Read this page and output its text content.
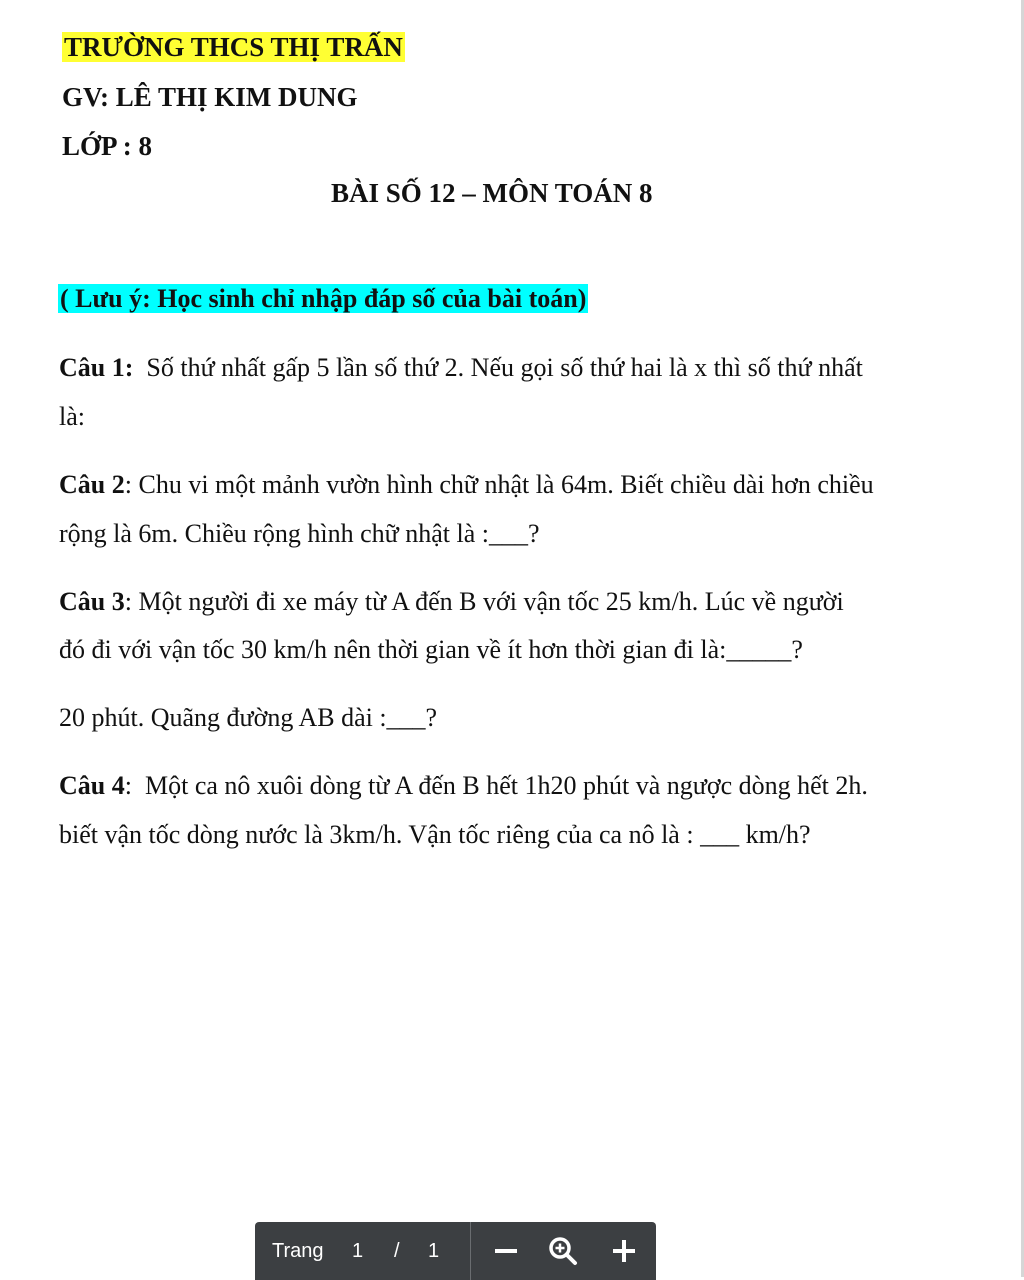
TRƯỜNG THCS THỊ TRẤN
GV: LÊ THỊ KIM DUNG
LỚP : 8
BÀI SỐ 12 – MÔN TOÁN 8
( Lưu ý: Học sinh chỉ nhập đáp số của bài toán)
Câu 1:  Số thứ nhất gấp 5 lần số thứ 2. Nếu gọi số thứ hai là x thì số thứ nhất
là:
Câu 2: Chu vi một mảnh vườn hình chữ nhật là 64m. Biết chiều dài hơn chiều
rộng là 6m. Chiều rộng hình chữ nhật là :___?
Câu 3: Một người đi xe máy từ A đến B với vận tốc 25 km/h. Lúc về người
đó đi với vận tốc 30 km/h nên thời gian về ít hơn thời gian đi là:_____?
20 phút. Quãng đường AB dài :___?
Câu 4:  Một ca nô xuôi dòng từ A đến B hết 1h20 phút và ngược dòng hết 2h.
biết vận tốc dòng nước là 3km/h. Vận tốc riêng của ca nô là : ___ km/h?
Trang 1 / 1
